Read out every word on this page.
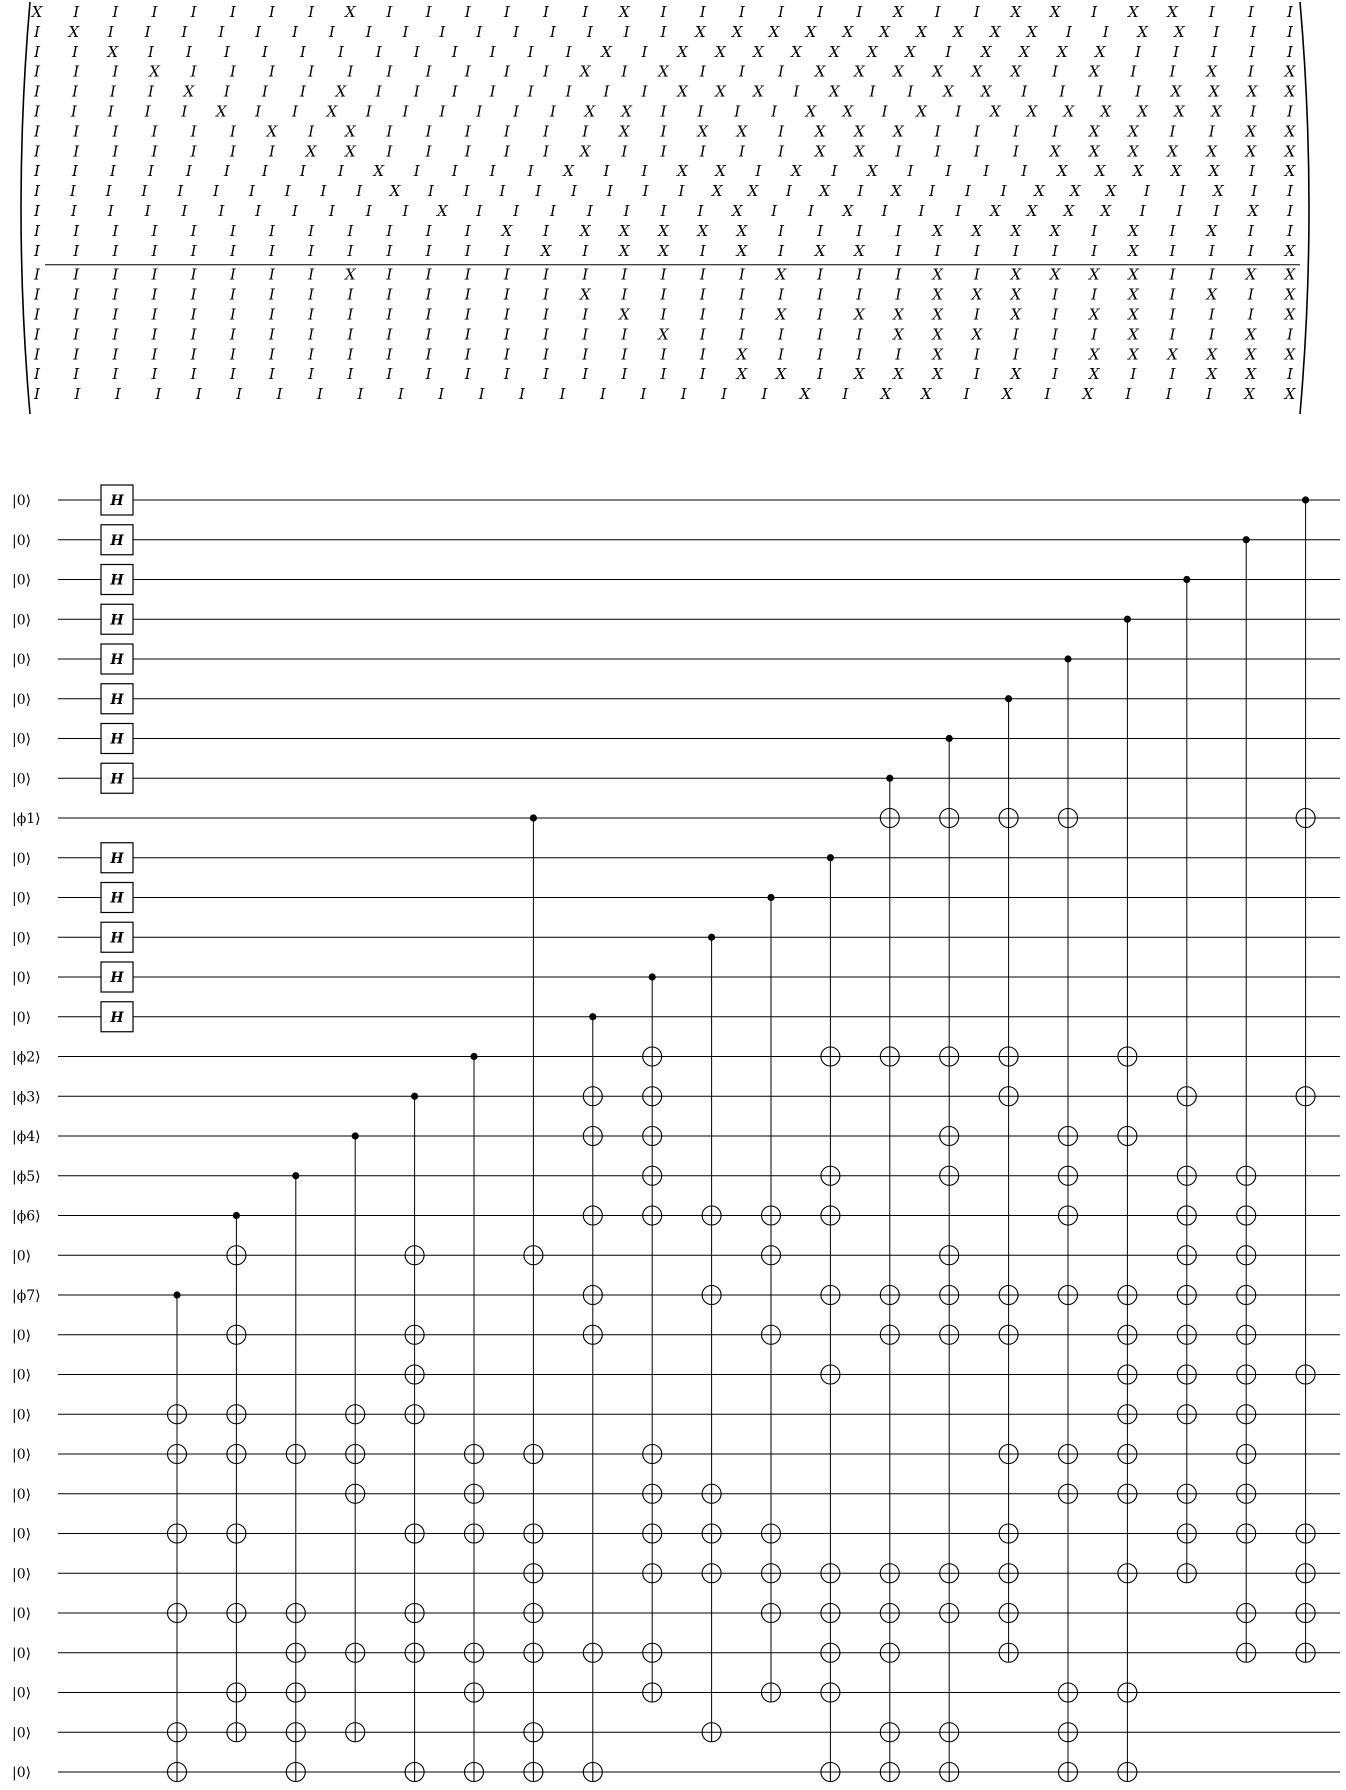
X I I I I I I I X I I I I I I X I I I I I I X I I X X I X X I I I
I X I I I I I I I I I I I I I I I I X X X X X X X X X X I I X X I I I
I I X I I I I I I I I I I I I X I X X X X X X X I X X X X I I I I I
I I I X I I I I I I I I I I X I X I I I X X X X X X I X I I X I X
I I I I X I I I X I I I I I I I I X X X I X I I X X I I I I X X X X
I I I I I X I I X I I I I I I X X I I I I X X I X I X X X X X X X I I
I I I I I I X I X I I I I I I X I X X I X X X I I I I X X I I X X
I I I I I I I X X I I I I I X I I I I I X X I I I I X X X X X X X
I I I I I I I I I X I I I I X I I X X I X I X I I I I X X X X X I X
I I I I I I I I I I X I I I I I I I I X X I X I X I I I X X X I I X I I
I I I I I I I I I I I X I I I I I I I X I I X I I I X X X X I I I X I
I I I I I I I I I I I I X I X X X X X I I I I X X X X I X I X I I
I I I I I I I I I I I I I X I X X I X I X X I I I I I I X I I I X
I I I I I I I I X I I I I I I I I I I X I I I X I X X X X I I X X
I I I I I I I I I I I I I I X I I I I I I I I X X X I I X I X I X
I I I I I I I I I I I I I I I X I I I X I X X X I X I X X I I I X
I I I I I I I I I I I I I I I I X I I I I I X X X I I I X I I X I
I I I I I I I I I I I I I I I I I I X I I I I X I I I X X X X X X
I I I I I I I I I I I I I I I I I I X X I X X X I X I X I I X X I
I I I I I I I I I I I I I I I I I I I X I X X I X I X I I I X X
|0⟩
|0⟩
|0⟩
|0⟩
|0⟩
|0⟩
|0⟩
|0⟩
|ϕ1⟩
|0⟩
|0⟩
|0⟩
|0⟩
|0⟩
|ϕ2⟩
|ϕ3⟩
|ϕ4⟩
|ϕ5⟩
|ϕ6⟩
|0⟩
|ϕ7⟩
|0⟩
|0⟩
|0⟩
|0⟩
|0⟩
|0⟩
|0⟩
|0⟩
|0⟩
|0⟩
|0⟩
|0⟩
H
H
H
H
H
H
H
H
H
H
H
H
H
